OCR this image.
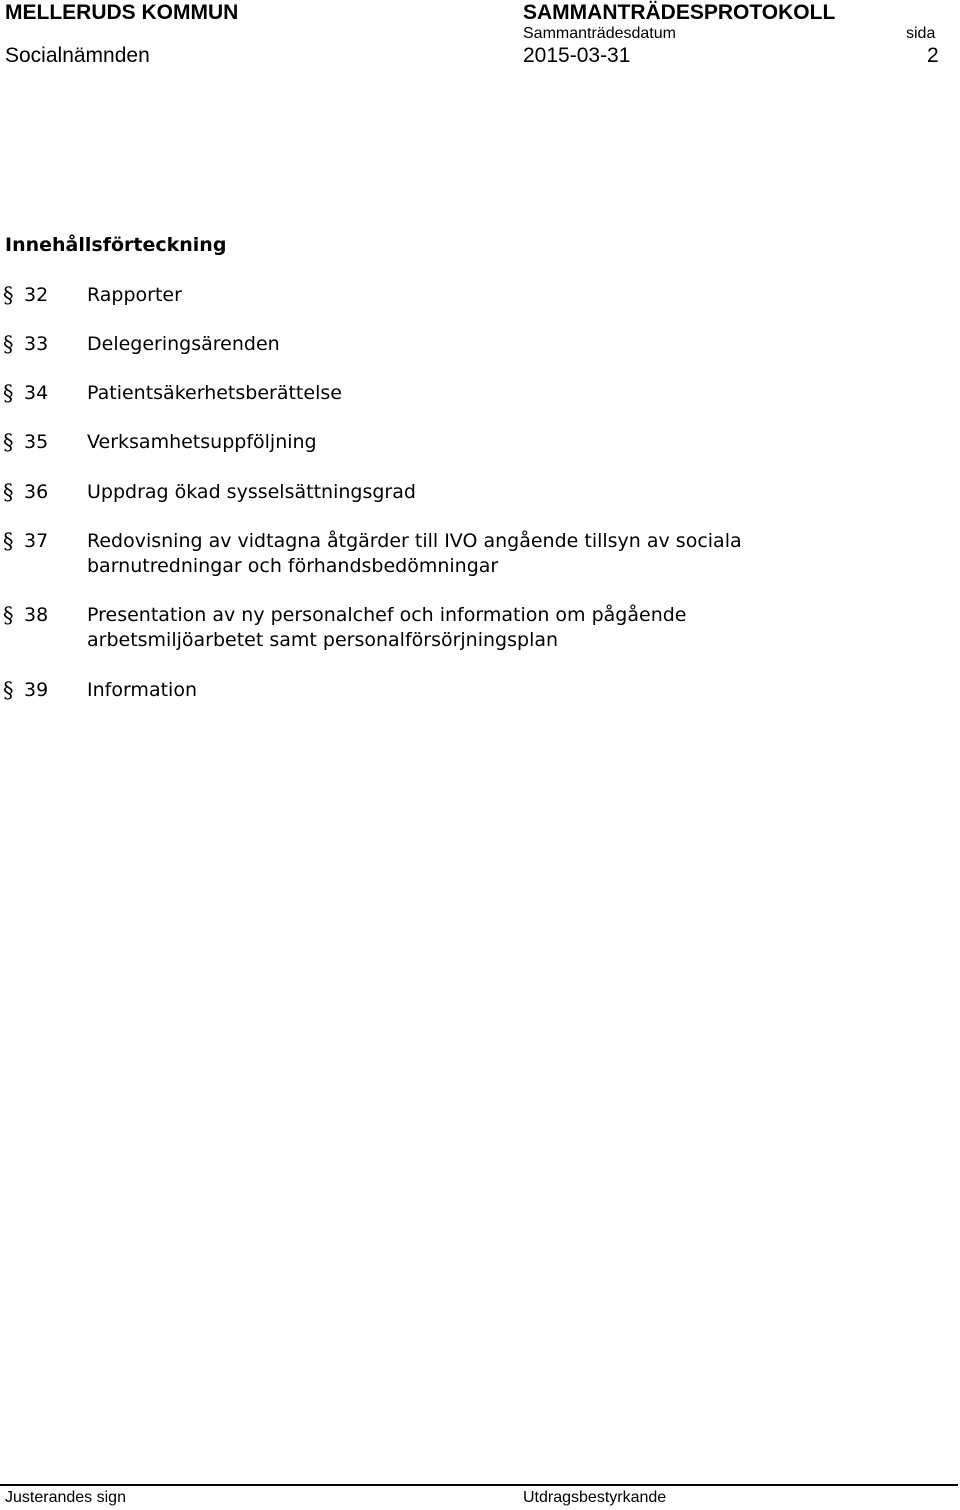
MELLERUDS KOMMUN	SAMMANTRÄDESPROTOKOLL
Sammanträdesdatum	sida
Socialnämnden	2015-03-31	2
Innehållsförteckning
§ 32 Rapporter
§ 33 Delegeringsärenden
§ 34 Patientsäkerhetsberättelse
§ 35 Verksamhetsuppföljning
§ 36 Uppdrag ökad sysselsättningsgrad
§ 37 Redovisning av vidtagna åtgärder till IVO angående tillsyn av sociala
barnutredningar och förhandsbedömningar
§ 38 Presentation av ny personalchef och information om pågående
arbetsmiljöarbetet samt personalförsörjningsplan
§ 39 Information
Justerandes sign	Utdragsbestyrkande
